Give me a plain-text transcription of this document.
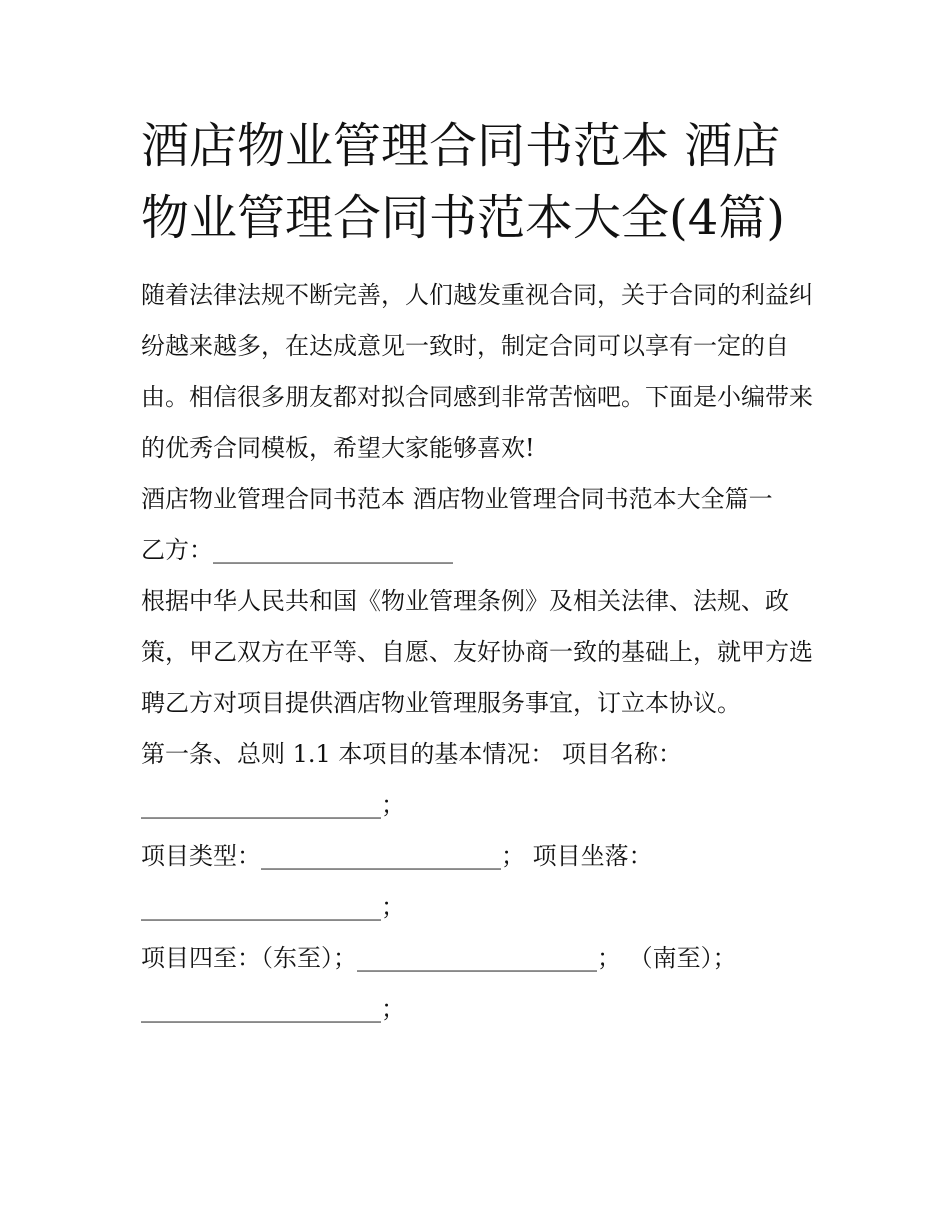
酒店物业管理合同书范本 酒店物业管理合同书范本大全(4篇)

随着法律法规不断完善，人们越发重视合同，关于合同的利益纠纷越来越多，在达成意见一致时，制定合同可以享有一定的自由。相信很多朋友都对拟合同感到非常苦恼吧。下面是小编带来的优秀合同模板，希望大家能够喜欢!

酒店物业管理合同书范本 酒店物业管理合同书范本大全篇一

乙方：____________________

根据中华人民共和国《物业管理条例》及相关法律、法规、政策，甲乙双方在平等、自愿、友好协商一致的基础上，就甲方选聘乙方对项目提供酒店物业管理服务事宜，订立本协议。

第一条、总则 1.1 本项目的基本情况： 项目名称：

____________________；

项目类型：____________________； 项目坐落：

____________________；

项目四至：（东至）；____________________； （南至）；

____________________；
